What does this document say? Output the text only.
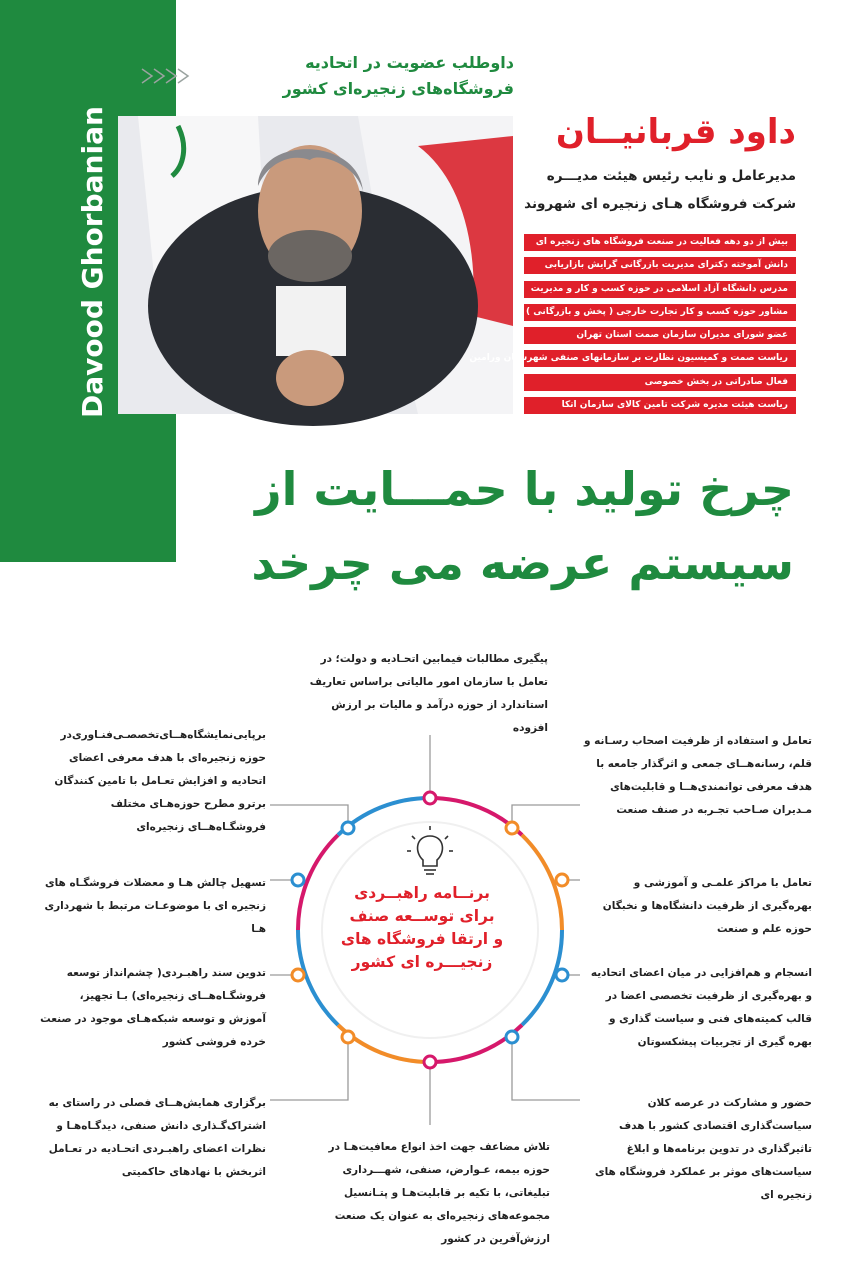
Davood Ghorbanian
داوطلب عضویت در اتحادیه
فروشگاه‌های زنجیره‌ای کشور
داود قربانیــان
مدیرعامل و نایب رئیس هیئت مدیـــره
شرکت فروشگاه هـای زنجیره ای شهروند
بیش از دو دهه فعالیت در صنعت فروشگاه های زنجیره ای
دانش آموخته دکترای مدیریت بازرگانی گرایش بازاریابی
مدرس دانشگاه آزاد اسلامی در حوزه کسب و کار و مدیریت
مشاور حوزه کسب و کار تجارت خارجی ( پخش و بازرگانی )
عضو شورای مدیران سازمان صمت استان تهران
ریاست صمت و کمیسیون نظارت بر سازمانهای صنفی شهرستان ورامین
فعال صادراتی در بخش خصوصی
ریاست هیئت مدیره شرکت تامین کالای سازمان اتکا
چرخ تولید با حمـــایت از
سیستم عرضه می چرخد
برنــامه راهبــردی
برای توســعه صنف
و ارتقا فروشگاه های
زنجیـــره ای کشور
پیگیری مطالبات فیمابین اتحـادیه و دولت؛ در تعامل با سازمان امور مالیاتی براساس تعاریف استاندارد از حوزه درآمد و مالیات بر ارزش افزوده
تعامل و استفاده از ظرفیت اصحاب رسـانه و قلم، رسانه‌هــای جمعی و اثرگذار جامعه با هدف معرفی توانمندی‌هــا و قابلیت‌های مـدیران صـاحب تجـربه در صنف صنعت
تعامل با مراکز علمـی و آموزشی و بهره‌گیری از ظرفیت دانشگاه‌ها و نخبگان حوزه علم و صنعت
انسجام و هم‌افزایی در میان اعضای اتحادیه و بهره‌گیری از ظرفیت تخصصی اعضا در قالب کمیته‌های فنی و سیاست گذاری و بهره گیری از تجربیات پیشکسوتان
حضور و مشارکت در عرصه کلان سیاست‌گذاری اقتصادی کشور با هدف تاثیرگذاری در تدوین برنامه‌ها و ابلاغ سیاست‌های موثر بر عملکرد فروشگاه های زنجیره ای
برپایی‌نمایشگاه‌هــای‌تخصصـی‌فنـاوری‌در حوزه زنجیره‌ای با هدف معرفی اعضای اتحادیه و افزایش تعـامل با تامین کنندگان برترو مطرح حوزه‌هـای مختلف فروشگـاه‌هــای زنجیره‌ای
تسهیل چالش هـا و معضلات فروشگـاه های زنجیره ای با موضوعـات مرتبط با شهرداری‌ هـا
تدوین سند راهبـردی( چشم‌انداز توسعه فروشگـاه‌هــای زنجیره‌ای) بـا تجهیز، آموزش و توسعه شبکه‌هـای موجود در صنعت خرده فروشی کشور
برگزاری همایش‌هــای فصلی در راستای به اشتراک‌گـذاری دانش صنفی، دیدگـاه‌هـا و نظرات اعضای راهبـردی اتحـادیه در تعـامل اثربخش با نهادهای حاکمیتی
تلاش مضاعف جهت اخذ انواع معافیت‌هـا در حوزه بیمه، عـوارض، صنفی، شهـــرداری تبلیغاتی، با تکیه بر قابلیت‌هـا و پتـانسیل مجموعه‌های زنجیره‌ای به عنوان یک صنعت ارزش‌آفرین در کشور
